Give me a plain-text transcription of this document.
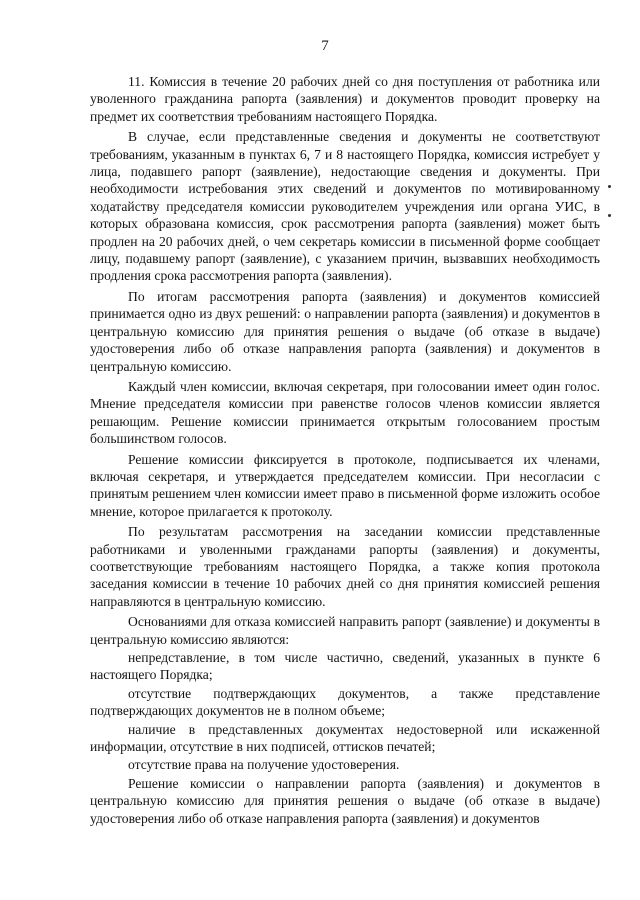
7

11. Комиссия в течение 20 рабочих дней со дня поступления от работника или уволенного гражданина рапорта (заявления) и документов проводит проверку на предмет их соответствия требованиям настоящего Порядка.

В случае, если представленные сведения и документы не соответствуют требованиям, указанным в пунктах 6, 7 и 8 настоящего Порядка, комиссия истребует у лица, подавшего рапорт (заявление), недостающие сведения и документы. При необходимости истребования этих сведений и документов по мотивированному ходатайству председателя комиссии руководителем учреждения или органа УИС, в которых образована комиссия, срок рассмотрения рапорта (заявления) может быть продлен на 20 рабочих дней, о чем секретарь комиссии в письменной форме сообщает лицу, подавшему рапорт (заявление), с указанием причин, вызвавших необходимость продления срока рассмотрения рапорта (заявления).

По итогам рассмотрения рапорта (заявления) и документов комиссией принимается одно из двух решений: о направлении рапорта (заявления) и документов в центральную комиссию для принятия решения о выдаче (об отказе в выдаче) удостоверения либо об отказе направления рапорта (заявления) и документов в центральную комиссию.

Каждый член комиссии, включая секретаря, при голосовании имеет один голос. Мнение председателя комиссии при равенстве голосов членов комиссии является решающим. Решение комиссии принимается открытым голосованием простым большинством голосов.

Решение комиссии фиксируется в протоколе, подписывается их членами, включая секретаря, и утверждается председателем комиссии. При несогласии с принятым решением член комиссии имеет право в письменной форме изложить особое мнение, которое прилагается к протоколу.

По результатам рассмотрения на заседании комиссии представленные работниками и уволенными гражданами рапорты (заявления) и документы, соответствующие требованиям настоящего Порядка, а также копия протокола заседания комиссии в течение 10 рабочих дней со дня принятия комиссией решения направляются в центральную комиссию.

Основаниями для отказа комиссией направить рапорт (заявление) и документы в центральную комиссию являются:

непредставление, в том числе частично, сведений, указанных в пункте 6 настоящего Порядка;

отсутствие подтверждающих документов, а также представление подтверждающих документов не в полном объеме;

наличие в представленных документах недостоверной или искаженной информации, отсутствие в них подписей, оттисков печатей;

отсутствие права на получение удостоверения.

Решение комиссии о направлении рапорта (заявления) и документов в центральную комиссию для принятия решения о выдаче (об отказе в выдаче) удостоверения либо об отказе направления рапорта (заявления) и документов
